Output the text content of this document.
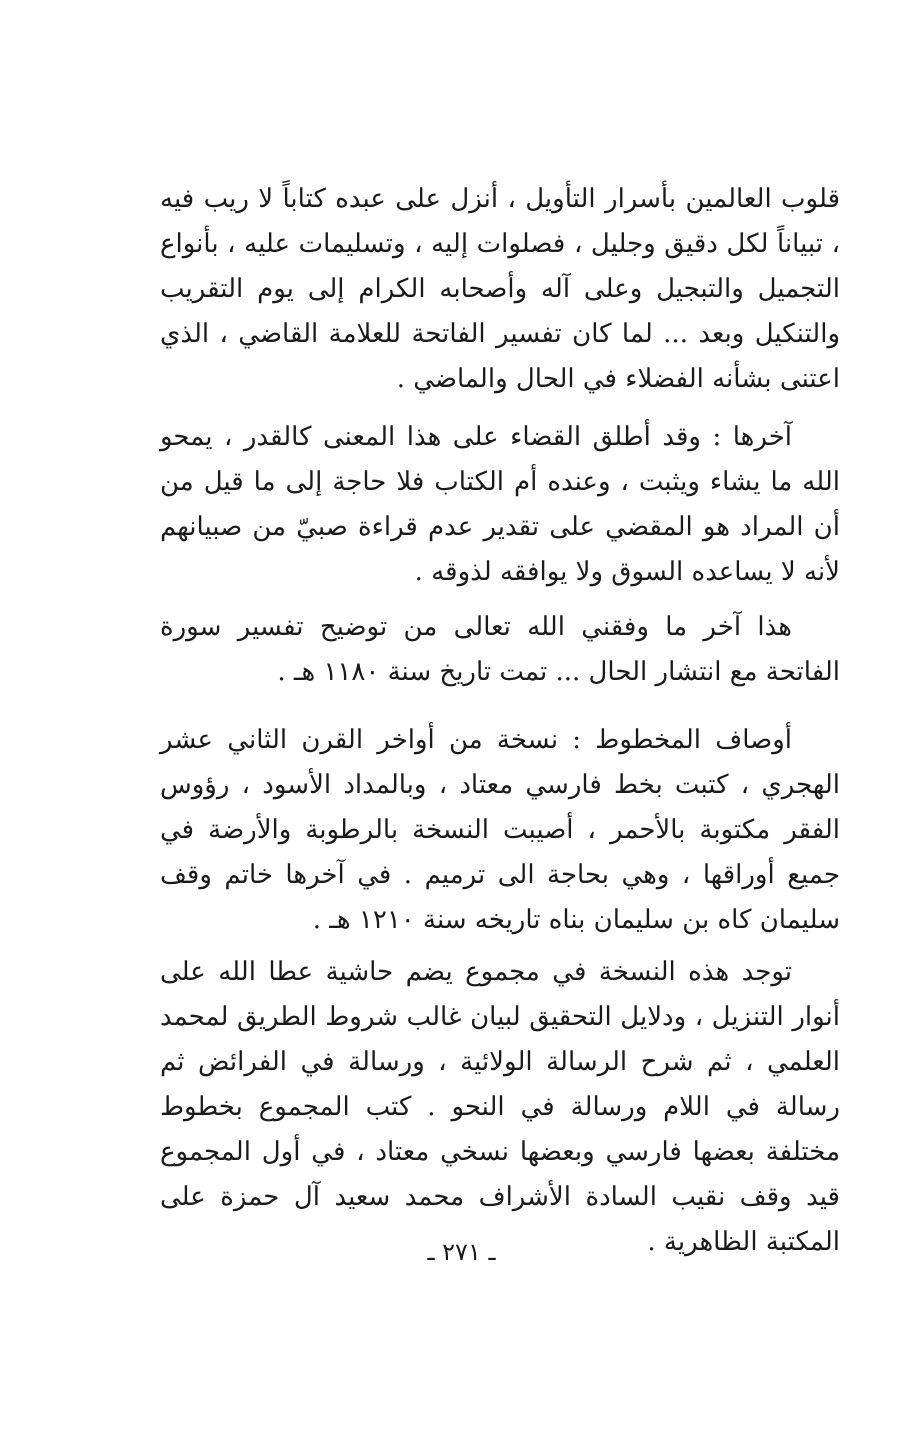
قلوب العالمين بأسرار التأويل ، أنزل على عبده كتاباً لا ريب فيه ، تبياناً لكل دقيق وجليل ، فصلوات إليه ، وتسليمات عليه ، بأنواع التجميل والتبجيل وعلى آله وأصحابه الكرام إلى يوم التقريب والتنكيل وبعد ... لما كان تفسير الفاتحة للعلامة القاضي ، الذي اعتنى بشأنه الفضلاء في الحال والماضي .

آخرها : وقد أطلق القضاء على هذا المعنى كالقدر ، يمحو الله ما يشاء ويثبت ، وعنده أم الكتاب فلا حاجة إلى ما قيل من أن المراد هو المقضي على تقدير عدم قراءة صبيّ من صبيانهم لأنه لا يساعده السوق ولا يوافقه لذوقه .

هذا آخر ما وفقني الله تعالى من توضيح تفسير سورة الفاتحة مع انتشار الحال ... تمت تاريخ سنة ١١٨٠ هـ .

أوصاف المخطوط : نسخة من أواخر القرن الثاني عشر الهجري ، كتبت بخط فارسي معتاد ، وبالمداد الأسود ، رؤوس الفقر مكتوبة بالأحمر ، أصيبت النسخة بالرطوبة والأرضة في جميع أوراقها ، وهي بحاجة الى ترميم . في آخرها خاتم وقف سليمان كاه بن سليمان بناه تاريخه سنة ١٢١٠ هـ .

توجد هذه النسخة في مجموع يضم حاشية عطا الله على أنوار التنزيل ، ودلايل التحقيق لبيان غالب شروط الطريق لمحمد العلمي ، ثم شرح الرسالة الولائية ، ورسالة في الفرائض ثم رسالة في اللام ورسالة في النحو . كتب المجموع بخطوط مختلفة بعضها فارسي وبعضها نسخي معتاد ، في أول المجموع قيد وقف نقيب السادة الأشراف محمد سعيد آل حمزة على المكتبة الظاهرية .

ـ ٢٧١ ـ
